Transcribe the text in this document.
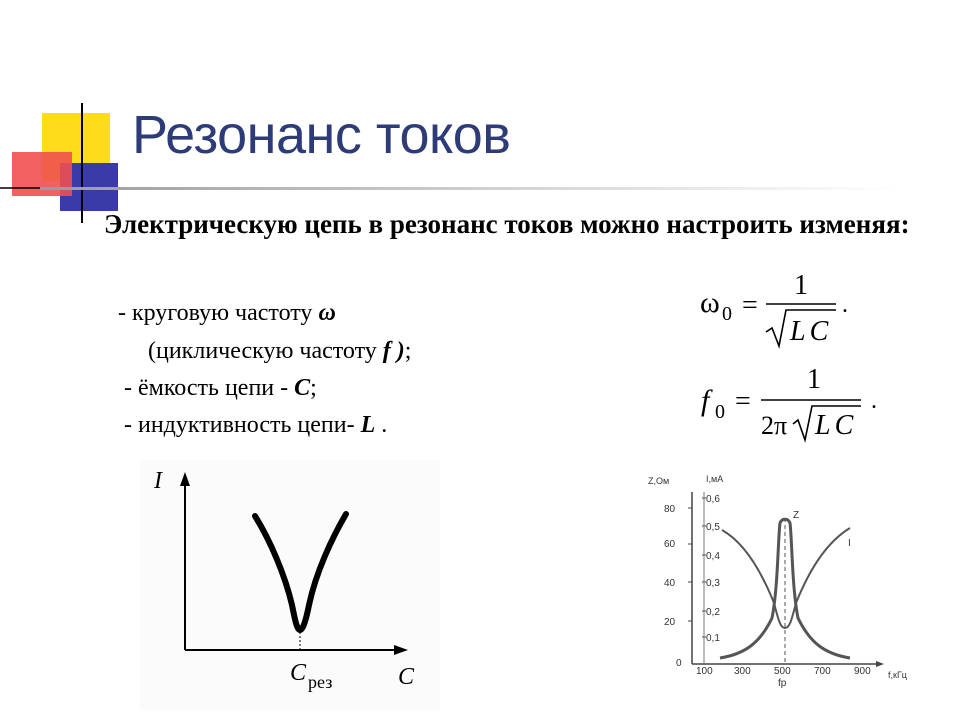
Резонанс токов
Электрическую цепь в резонанс токов можно настроить изменяя:
- круговую частоту ω
(циклическую частоту f );
- ёмкость цепи - C;
- индуктивность цепи- L .
ω 0 =
1
LC
.
f 0 =
1
2π LC
.
I
C
C рез
Z,Ом	I,мА
80
60
40
20
0,6
0,5
0,4
0,3
0,2
0,1
0
100 300 500 700 900 f,кГц
fp
Z
I
